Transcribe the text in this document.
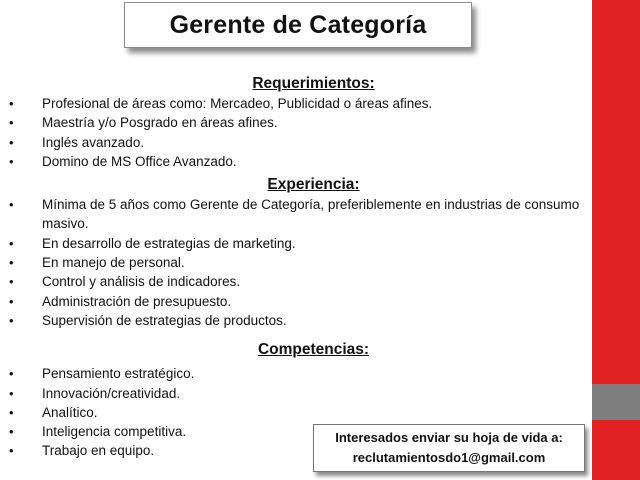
Gerente de Categoría
Requerimientos:
• Profesional de áreas como: Mercadeo, Publicidad o áreas afines.
• Maestría y/o Posgrado en áreas afines.
• Inglés avanzado.
• Domino de MS Office Avanzado.
Experiencia:
• Mínima de 5 años como Gerente de Categoría, preferiblemente en industrias de consumo masivo.
• En desarrollo de estrategias de marketing.
• En manejo de personal.
• Control y análisis de indicadores.
• Administración de presupuesto.
• Supervisión de estrategias de productos.
Competencias:
• Pensamiento estratégico.
• Innovación/creatividad.
• Analítico.
• Inteligencia competitiva.
• Trabajo en equipo.
Interesados enviar su hoja de vida a:
reclutamientosdo1@gmail.com
